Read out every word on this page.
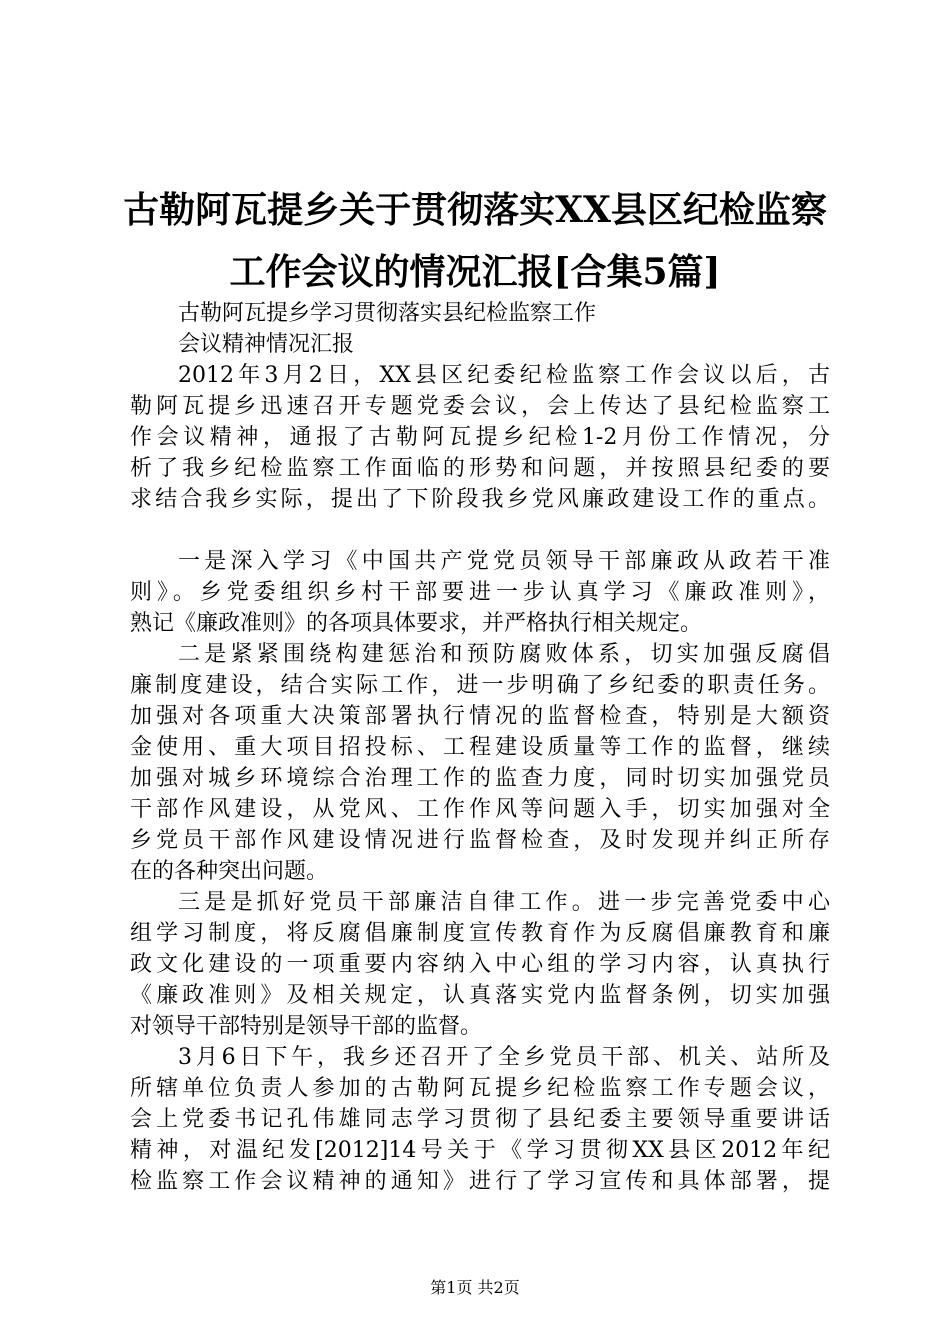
古勒阿瓦提乡关于贯彻落实XX县区纪检监察
工作会议的情况汇报[合集5篇]
古勒阿瓦提乡学习贯彻落实县纪检监察工作
会议精神情况汇报
2012年3月2日，XX县区纪委纪检监察工作会议以后，古
勒阿瓦提乡迅速召开专题党委会议，会上传达了县纪检监察工
作会议精神，通报了古勒阿瓦提乡纪检1-2月份工作情况，分
析了我乡纪检监察工作面临的形势和问题，并按照县纪委的要
求结合我乡实际，提出了下阶段我乡党风廉政建设工作的重点。
一是深入学习《中国共产党党员领导干部廉政从政若干准
则》。乡党委组织乡村干部要进一步认真学习《廉政准则》，
熟记《廉政准则》的各项具体要求，并严格执行相关规定。
二是紧紧围绕构建惩治和预防腐败体系，切实加强反腐倡
廉制度建设，结合实际工作，进一步明确了乡纪委的职责任务。
加强对各项重大决策部署执行情况的监督检查，特别是大额资
金使用、重大项目招投标、工程建设质量等工作的监督，继续
加强对城乡环境综合治理工作的监查力度，同时切实加强党员
干部作风建设，从党风、工作作风等问题入手，切实加强对全
乡党员干部作风建设情况进行监督检查，及时发现并纠正所存
在的各种突出问题。
三是是抓好党员干部廉洁自律工作。进一步完善党委中心
组学习制度，将反腐倡廉制度宣传教育作为反腐倡廉教育和廉
政文化建设的一项重要内容纳入中心组的学习内容，认真执行
《廉政准则》及相关规定，认真落实党内监督条例，切实加强
对领导干部特别是领导干部的监督。
3月6日下午，我乡还召开了全乡党员干部、机关、站所及
所辖单位负责人参加的古勒阿瓦提乡纪检监察工作专题会议，
会上党委书记孔伟雄同志学习贯彻了县纪委主要领导重要讲话
精神，对温纪发[2012]14号关于《学习贯彻XX县区2012年纪
检监察工作会议精神的通知》进行了学习宣传和具体部署，提
第1页 共2页
